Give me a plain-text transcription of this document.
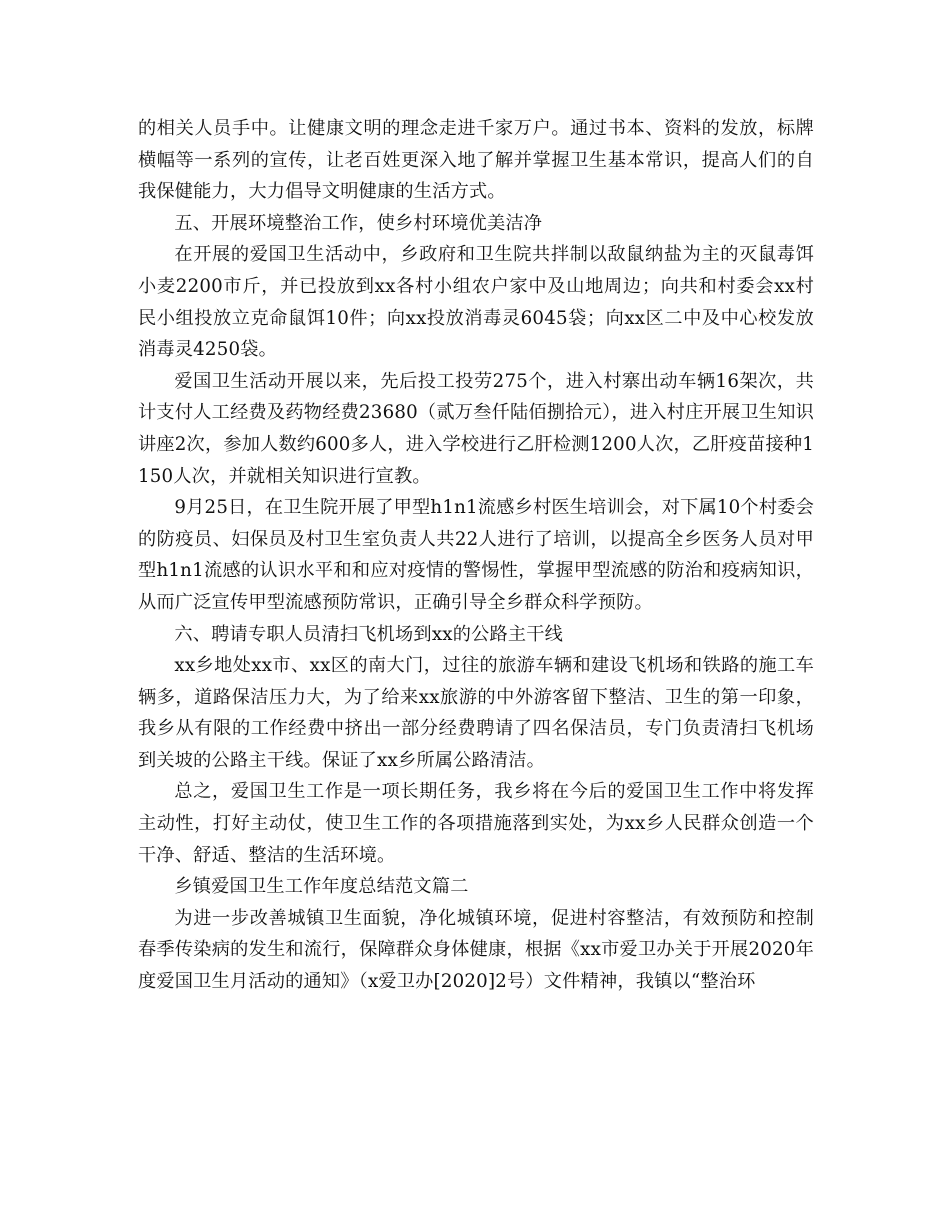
的相关人员手中。让健康文明的理念走进千家万户。通过书本、资料的发放，标牌横幅等一系列的宣传，让老百姓更深入地了解并掌握卫生基本常识，提高人们的自我保健能力，大力倡导文明健康的生活方式。

五、开展环境整治工作，使乡村环境优美洁净

在开展的爱国卫生活动中，乡政府和卫生院共拌制以敌鼠纳盐为主的灭鼠毒饵小麦2200市斤，并已投放到xx各村小组农户家中及山地周边；向共和村委会xx村民小组投放立克命鼠饵10件；向xx投放消毒灵6045袋；向xx区二中及中心校发放消毒灵4250袋。

爱国卫生活动开展以来，先后投工投劳275个，进入村寨出动车辆16架次，共计支付人工经费及药物经费23680（贰万叁仟陆佰捌拾元），进入村庄开展卫生知识讲座2次，参加人数约600多人，进入学校进行乙肝检测1200人次，乙肝疫苗接种1150人次，并就相关知识进行宣教。

9月25日，在卫生院开展了甲型h1n1流感乡村医生培训会，对下属10个村委会的防疫员、妇保员及村卫生室负责人共22人进行了培训，以提高全乡医务人员对甲型h1n1流感的认识水平和和应对疫情的警惕性，掌握甲型流感的防治和疫病知识，从而广泛宣传甲型流感预防常识，正确引导全乡群众科学预防。

六、聘请专职人员清扫飞机场到xx的公路主干线

xx乡地处xx市、xx区的南大门，过往的旅游车辆和建设飞机场和铁路的施工车辆多，道路保洁压力大，为了给来xx旅游的中外游客留下整洁、卫生的第一印象，我乡从有限的工作经费中挤出一部分经费聘请了四名保洁员，专门负责清扫飞机场到关坡的公路主干线。保证了xx乡所属公路清洁。

总之，爱国卫生工作是一项长期任务，我乡将在今后的爱国卫生工作中将发挥主动性，打好主动仗，使卫生工作的各项措施落到实处，为xx乡人民群众创造一个干净、舒适、整洁的生活环境。

乡镇爱国卫生工作年度总结范文篇二

为进一步改善城镇卫生面貌，净化城镇环境，促进村容整洁，有效预防和控制春季传染病的发生和流行，保障群众身体健康，根据《xx市爱卫办关于开展2020年度爱国卫生月活动的通知》（x爱卫办[2020]2号）文件精神，我镇以“整治环
